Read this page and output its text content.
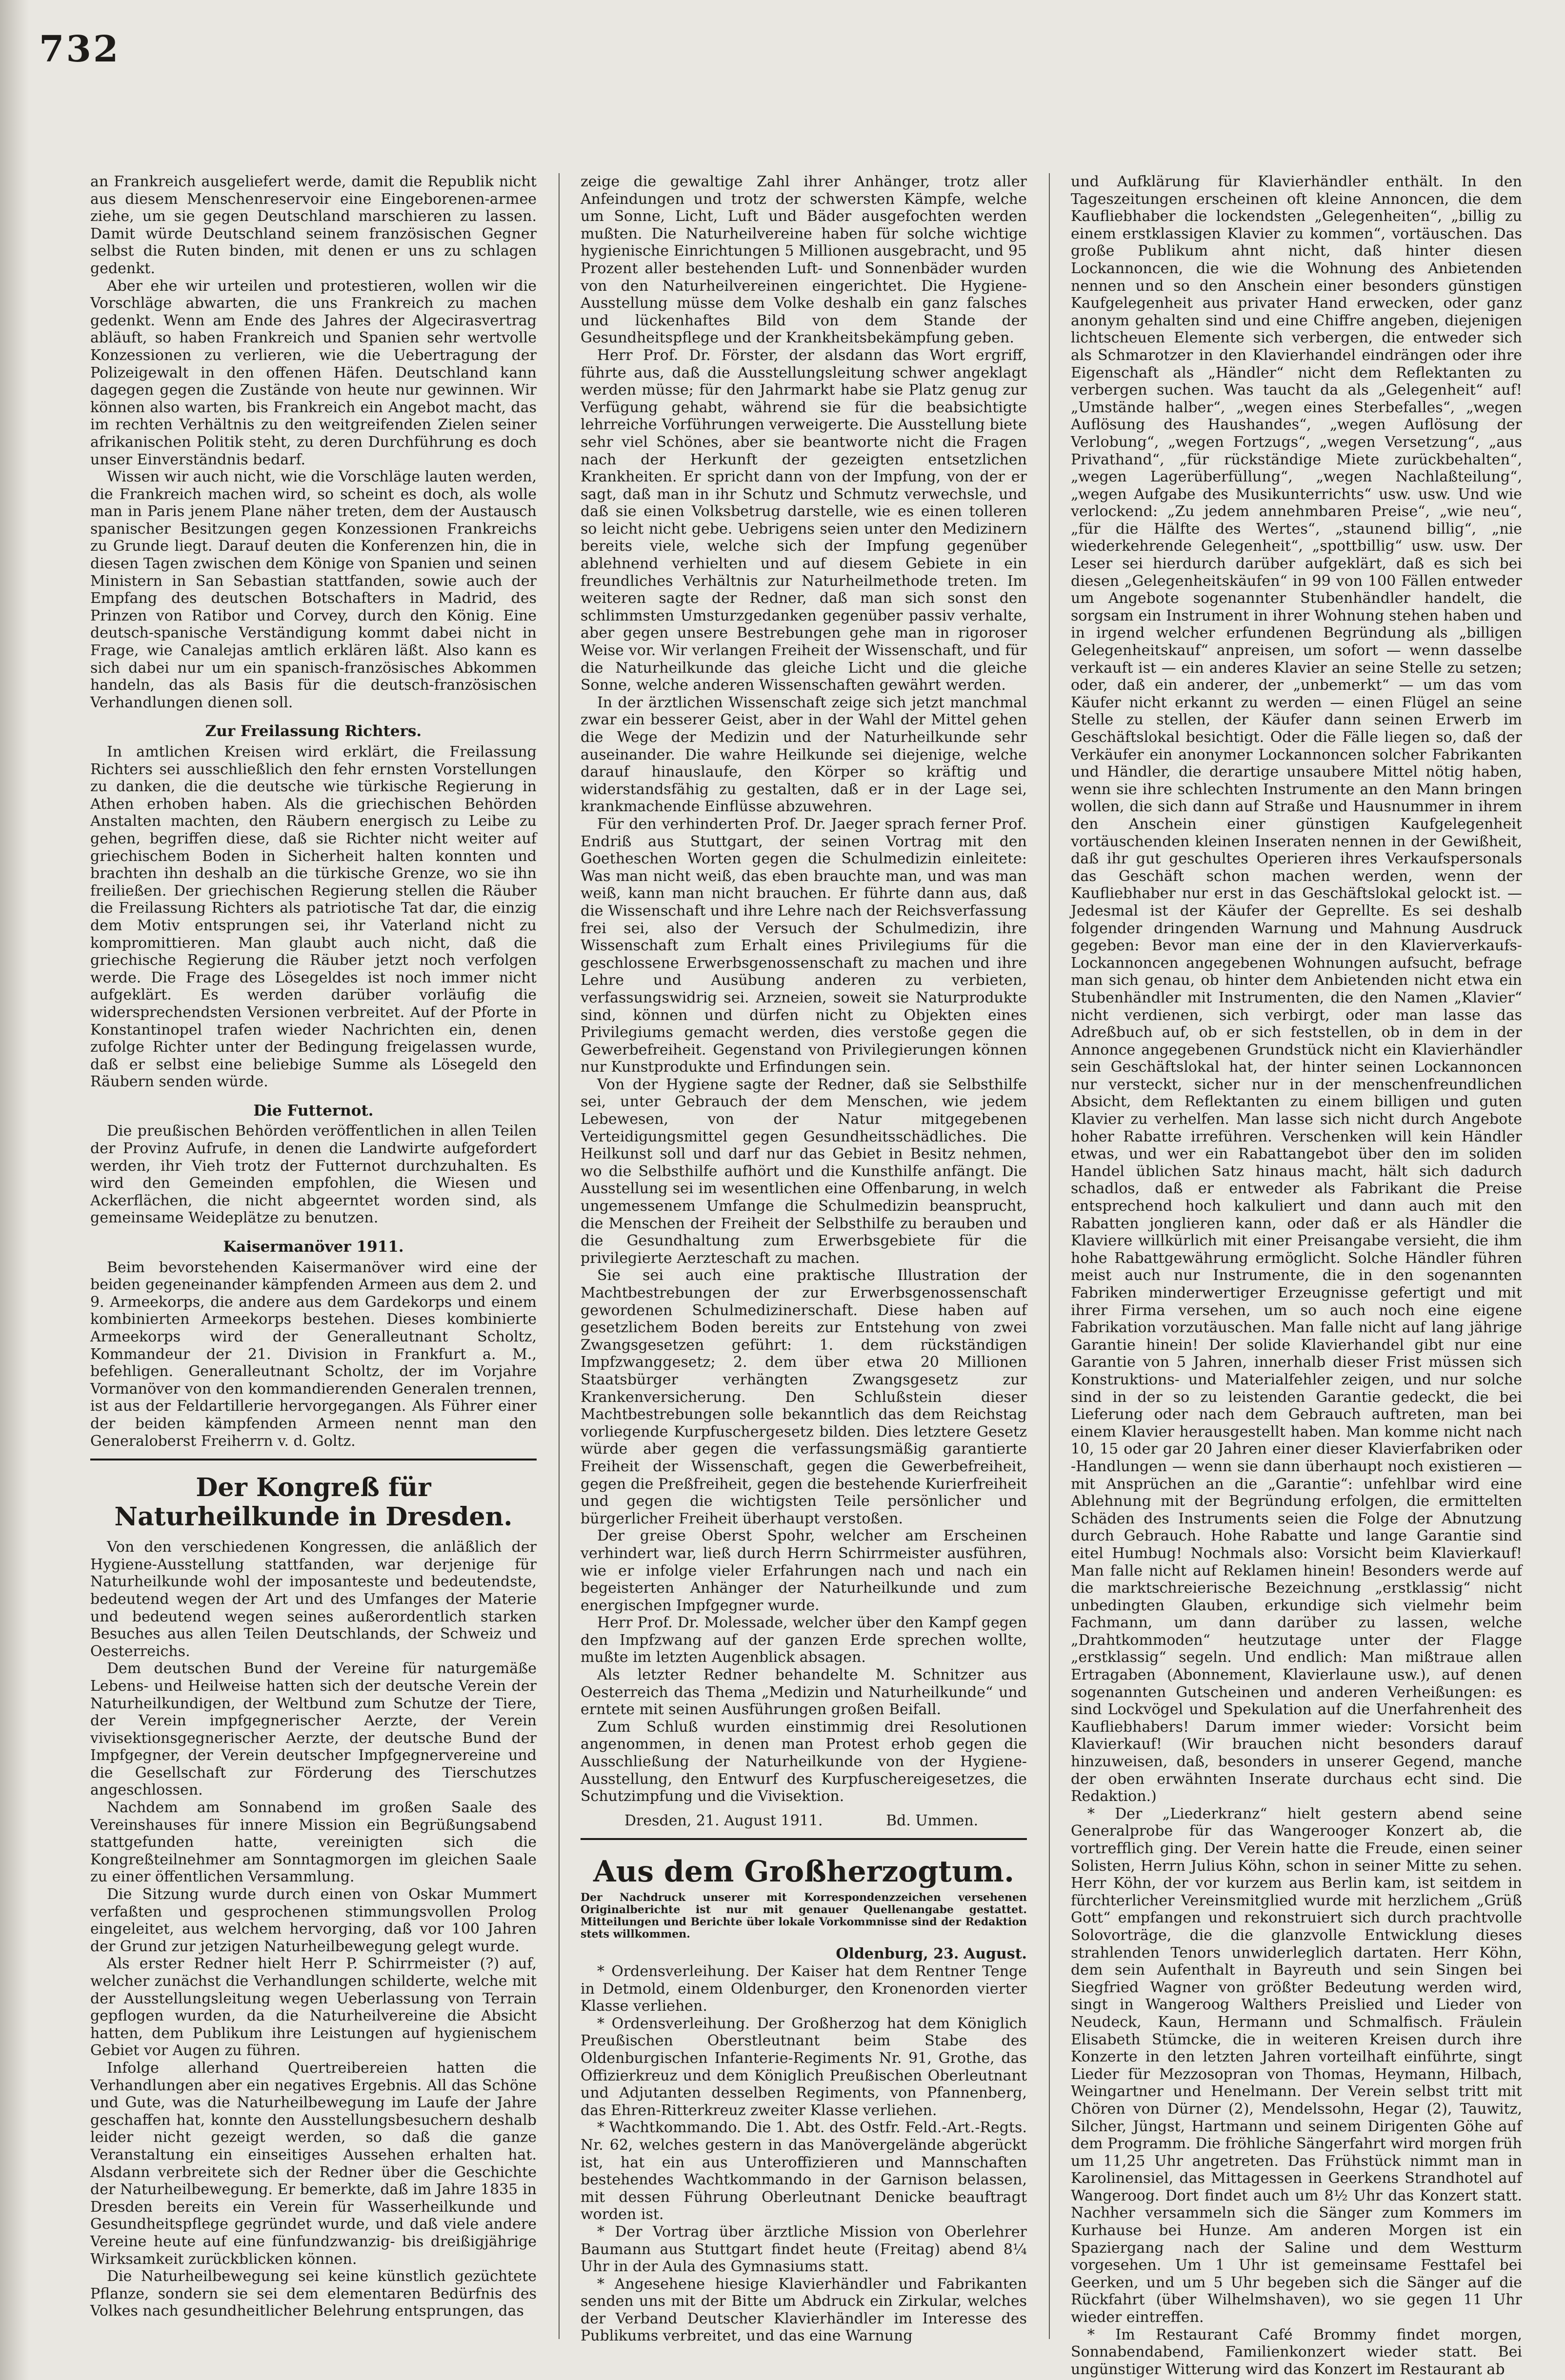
732

an Frankreich ausgeliefert werde, damit die Republik nicht aus diesem Menschenreservoir eine Eingeborenen-armee ziehe, um sie gegen Deutschland marschieren zu lassen. Damit würde Deutschland seinem französischen Gegner selbst die Ruten binden, mit denen er uns zu schlagen gedenkt.

Aber ehe wir urteilen und protestieren, wollen wir die Vorschläge abwarten, die uns Frankreich zu machen gedenkt. Wenn am Ende des Jahres der Algecirasvertrag abläuft, so haben Frankreich und Spanien sehr wertvolle Konzessionen zu verlieren, wie die Uebertragung der Polizeigewalt in den offenen Häfen. Deutschland kann dagegen gegen die Zustände von heute nur gewinnen. Wir können also warten, bis Frankreich ein Angebot macht, das im rechten Verhältnis zu den weitgreifenden Zielen seiner afrikanischen Politik steht, zu deren Durchführung es doch unser Einverständnis bedarf.

Wissen wir auch nicht, wie die Vorschläge lauten werden, die Frankreich machen wird, so scheint es doch, als wolle man in Paris jenem Plane näher treten, dem der Austausch spanischer Besitzungen gegen Konzessionen Frankreichs zu Grunde liegt. Darauf deuten die Konferenzen hin, die in diesen Tagen zwischen dem Könige von Spanien und seinen Ministern in San Sebastian stattfanden, sowie auch der Empfang des deutschen Botschafters in Madrid, des Prinzen von Ratibor und Corvey, durch den König. Eine deutsch-spanische Verständigung kommt dabei nicht in Frage, wie Canalejas amtlich erklären läßt. Also kann es sich dabei nur um ein spanisch-französisches Abkommen handeln, das als Basis für die deutsch-französischen Verhandlungen dienen soll.

Zur Freilassung Richters.

In amtlichen Kreisen wird erklärt, die Freilassung Richters sei ausschließlich den fehr ernsten Vorstellungen zu danken, die die deutsche wie türkische Regierung in Athen erhoben haben. Als die griechischen Behörden Anstalten machten, den Räubern energisch zu Leibe zu gehen, begriffen diese, daß sie Richter nicht weiter auf griechischem Boden in Sicherheit halten konnten und brachten ihn deshalb an die türkische Grenze, wo sie ihn freiließen. Der griechischen Regierung stellen die Räuber die Freilassung Richters als patriotische Tat dar, die einzig dem Motiv entsprungen sei, ihr Vaterland nicht zu kompromittieren. Man glaubt auch nicht, daß die griechische Regierung die Räuber jetzt noch verfolgen werde. Die Frage des Lösegeldes ist noch immer nicht aufgeklärt. Es werden darüber vorläufig die widersprechendsten Versionen verbreitet. Auf der Pforte in Konstantinopel trafen wieder Nachrichten ein, denen zufolge Richter unter der Bedingung freigelassen wurde, daß er selbst eine beliebige Summe als Lösegeld den Räubern senden würde.

Die Futternot.

Die preußischen Behörden veröffentlichen in allen Teilen der Provinz Aufrufe, in denen die Landwirte aufgefordert werden, ihr Vieh trotz der Futternot durchzuhalten. Es wird den Gemeinden empfohlen, die Wiesen und Ackerflächen, die nicht abgeerntet worden sind, als gemeinsame Weideplätze zu benutzen.

Kaisermanöver 1911.

Beim bevorstehenden Kaisermanöver wird eine der beiden gegeneinander kämpfenden Armeen aus dem 2. und 9. Armeekorps, die andere aus dem Gardekorps und einem kombinierten Armeekorps bestehen. Dieses kombinierte Armeekorps wird der Generalleutnant Scholtz, Kommandeur der 21. Division in Frankfurt a. M., befehligen. Generalleutnant Scholtz, der im Vorjahre Vormanöver von den kommandierenden Generalen trennen, ist aus der Feldartillerie hervorgegangen. Als Führer einer der beiden kämpfenden Armeen nennt man den Generaloberst Freiherrn v. d. Goltz.

Der Kongreß für Naturheilkunde in Dresden.

Von den verschiedenen Kongressen, die anläßlich der Hygiene-Ausstellung stattfanden, war derjenige für Naturheilkunde wohl der imposanteste und bedeutendste, bedeutend wegen der Art und des Umfanges der Materie und bedeutend wegen seines außerordentlich starken Besuches aus allen Teilen Deutschlands, der Schweiz und Oesterreichs.

Dem deutschen Bund der Vereine für naturgemäße Lebens- und Heilweise hatten sich der deutsche Verein der Naturheilkundigen, der Weltbund zum Schutze der Tiere, der Verein impfgegnerischer Aerzte, der Verein vivisektionsgegnerischer Aerzte, der deutsche Bund der Impfgegner, der Verein deutscher Impfgegnervereine und die Gesellschaft zur Förderung des Tierschutzes angeschlossen.

Nachdem am Sonnabend im großen Saale des Vereinshauses für innere Mission ein Begrüßungsabend stattgefunden hatte, vereinigten sich die Kongreßteilnehmer am Sonntagmorgen im gleichen Saale zu einer öffentlichen Versammlung.

Die Sitzung wurde durch einen von Oskar Mummert verfaßten und gesprochenen stimmungsvollen Prolog eingeleitet, aus welchem hervorging, daß vor 100 Jahren der Grund zur jetzigen Naturheilbewegung gelegt wurde.

Als erster Redner hielt Herr P. Schirrmeister (?) auf, welcher zunächst die Verhandlungen schilderte, welche mit der Ausstellungsleitung wegen Ueberlassung von Terrain gepflogen wurden, da die Naturheilvereine die Absicht hatten, dem Publikum ihre Leistungen auf hygienischem Gebiet vor Augen zu führen.

Infolge allerhand Quertreibereien hatten die Verhandlungen aber ein negatives Ergebnis. All das Schöne und Gute, was die Naturheilbewegung im Laufe der Jahre geschaffen hat, konnte den Ausstellungsbesuchern deshalb leider nicht gezeigt werden, so daß die ganze Veranstaltung ein einseitiges Aussehen erhalten hat. Alsdann verbreitete sich der Redner über die Geschichte der Naturheilbewegung. Er bemerkte, daß im Jahre 1835 in Dresden bereits ein Verein für Wasserheilkunde und Gesundheitspflege gegründet wurde, und daß viele andere Vereine heute auf eine fünfundzwanzig- bis dreißigjährige Wirksamkeit zurückblicken können.

Die Naturheilbewegung sei keine künstlich gezüchtete Pflanze, sondern sie sei dem elementaren Bedürfnis des Volkes nach gesundheitlicher Belehrung entsprungen, das

zeige die gewaltige Zahl ihrer Anhänger, trotz aller Anfeindungen und trotz der schwersten Kämpfe, welche um Sonne, Licht, Luft und Bäder ausgefochten werden mußten. Die Naturheilvereine haben für solche wichtige hygienische Einrichtungen 5 Millionen ausgebracht, und 95 Prozent aller bestehenden Luft- und Sonnenbäder wurden von den Naturheilvereinen eingerichtet. Die Hygiene-Ausstellung müsse dem Volke deshalb ein ganz falsches und lückenhaftes Bild von dem Stande der Gesundheitspflege und der Krankheitsbekämpfung geben.

Herr Prof. Dr. Förster, der alsdann das Wort ergriff, führte aus, daß die Ausstellungsleitung schwer angeklagt werden müsse; für den Jahrmarkt habe sie Platz genug zur Verfügung gehabt, während sie für die beabsichtigte lehrreiche Vorführungen verweigerte. Die Ausstellung biete sehr viel Schönes, aber sie beantworte nicht die Fragen nach der Herkunft der gezeigten entsetzlichen Krankheiten. Er spricht dann von der Impfung, von der er sagt, daß man in ihr Schutz und Schmutz verwechsle, und daß sie einen Volksbetrug darstelle, wie es einen tolleren so leicht nicht gebe. Uebrigens seien unter den Medizinern bereits viele, welche sich der Impfung gegenüber ablehnend verhielten und auf diesem Gebiete in ein freundliches Verhältnis zur Naturheilmethode treten. Im weiteren sagte der Redner, daß man sich sonst den schlimmsten Umsturzgedanken gegenüber passiv verhalte, aber gegen unsere Bestrebungen gehe man in rigoroser Weise vor. Wir verlangen Freiheit der Wissenschaft, und für die Naturheilkunde das gleiche Licht und die gleiche Sonne, welche anderen Wissenschaften gewährt werden.

In der ärztlichen Wissenschaft zeige sich jetzt manchmal zwar ein besserer Geist, aber in der Wahl der Mittel gehen die Wege der Medizin und der Naturheilkunde sehr auseinander. Die wahre Heilkunde sei diejenige, welche darauf hinauslaufe, den Körper so kräftig und widerstandsfähig zu gestalten, daß er in der Lage sei, krankmachende Einflüsse abzuwehren.

Für den verhinderten Prof. Dr. Jaeger sprach ferner Prof. Endriß aus Stuttgart, der seinen Vortrag mit den Goetheschen Worten gegen die Schulmedizin einleitete: Was man nicht weiß, das eben brauchte man, und was man weiß, kann man nicht brauchen. Er führte dann aus, daß die Wissenschaft und ihre Lehre nach der Reichsverfassung frei sei, also der Versuch der Schulmedizin, ihre Wissenschaft zum Erhalt eines Privilegiums für die geschlossene Erwerbsgenossenschaft zu machen und ihre Lehre und Ausübung anderen zu verbieten, verfassungswidrig sei. Arzneien, soweit sie Naturprodukte sind, können und dürfen nicht zu Objekten eines Privilegiums gemacht werden, dies verstoße gegen die Gewerbefreiheit. Gegenstand von Privilegierungen können nur Kunstprodukte und Erfindungen sein.

Von der Hygiene sagte der Redner, daß sie Selbsthilfe sei, unter Gebrauch der dem Menschen, wie jedem Lebewesen, von der Natur mitgegebenen Verteidigungsmittel gegen Gesundheitsschädliches. Die Heilkunst soll und darf nur das Gebiet in Besitz nehmen, wo die Selbsthilfe aufhört und die Kunsthilfe anfängt. Die Ausstellung sei im wesentlichen eine Offenbarung, in welch ungemessenem Umfange die Schulmedizin beansprucht, die Menschen der Freiheit der Selbsthilfe zu berauben und die Gesundhaltung zum Erwerbsgebiete für die privilegierte Aerzteschaft zu machen.

Sie sei auch eine praktische Illustration der Machtbestrebungen der zur Erwerbsgenossenschaft gewordenen Schulmedizinerschaft. Diese haben auf gesetzlichem Boden bereits zur Entstehung von zwei Zwangsgesetzen geführt: 1. dem rückständigen Impfzwanggesetz; 2. dem über etwa 20 Millionen Staatsbürger verhängten Zwangsgesetz zur Krankenversicherung. Den Schlußstein dieser Machtbestrebungen solle bekanntlich das dem Reichstag vorliegende Kurpfuschergesetz bilden. Dies letztere Gesetz würde aber gegen die verfassungsmäßig garantierte Freiheit der Wissenschaft, gegen die Gewerbefreiheit, gegen die Preßfreiheit, gegen die bestehende Kurierfreiheit und gegen die wichtigsten Teile persönlicher und bürgerlicher Freiheit überhaupt verstoßen.

Der greise Oberst Spohr, welcher am Erscheinen verhindert war, ließ durch Herrn Schirrmeister ausführen, wie er infolge vieler Erfahrungen nach und nach ein begeisterten Anhänger der Naturheilkunde und zum energischen Impfgegner wurde.

Herr Prof. Dr. Molessade, welcher über den Kampf gegen den Impfzwang auf der ganzen Erde sprechen wollte, mußte im letzten Augenblick absagen.

Als letzter Redner behandelte M. Schnitzer aus Oesterreich das Thema „Medizin und Naturheilkunde“ und erntete mit seinen Ausführungen großen Beifall.

Zum Schluß wurden einstimmig drei Resolutionen angenommen, in denen man Protest erhob gegen die Ausschließung der Naturheilkunde von der Hygiene-Ausstellung, den Entwurf des Kurpfuschereigesetzes, die Schutzimpfung und die Vivisektion.

Dresden, 21. August 1911.	Bd. Ummen.
Aus dem Großherzogtum.

Der Nachdruck unserer mit Korrespondenzzeichen versehenen Originalberichte ist nur mit genauer Quellenangabe gestattet. Mitteilungen und Berichte über lokale Vorkommnisse sind der Redaktion stets willkommen.

Oldenburg, 23. August.

* Ordensverleihung. Der Kaiser hat dem Rentner Tenge in Detmold, einem Oldenburger, den Kronenorden vierter Klasse verliehen.

* Ordensverleihung. Der Großherzog hat dem Königlich Preußischen Oberstleutnant beim Stabe des Oldenburgischen Infanterie-Regiments Nr. 91, Grothe, das Offizierkreuz und dem Königlich Preußischen Oberleutnant und Adjutanten desselben Regiments, von Pfannenberg, das Ehren-Ritterkreuz zweiter Klasse verliehen.

* Wachtkommando. Die 1. Abt. des Ostfr. Feld.-Art.-Regts. Nr. 62, welches gestern in das Manövergelände abgerückt ist, hat ein aus Unteroffizieren und Mannschaften bestehendes Wachtkommando in der Garnison belassen, mit dessen Führung Oberleutnant Denicke beauftragt worden ist.

* Der Vortrag über ärztliche Mission von Oberlehrer Baumann aus Stuttgart findet heute (Freitag) abend 8¼ Uhr in der Aula des Gymnasiums statt.

* Angesehene hiesige Klavierhändler und Fabrikanten senden uns mit der Bitte um Abdruck ein Zirkular, welches der Verband Deutscher Klavierhändler im Interesse des Publikums verbreitet, und das eine Warnung

und Aufklärung für Klavierhändler enthält. In den Tageszeitungen erscheinen oft kleine Annoncen, die dem Kaufliebhaber die lockendsten „Gelegenheiten“, „billig zu einem erstklassigen Klavier zu kommen“, vortäuschen. Das große Publikum ahnt nicht, daß hinter diesen Lockannoncen, die wie die Wohnung des Anbietenden nennen und so den Anschein einer besonders günstigen Kaufgelegenheit aus privater Hand erwecken, oder ganz anonym gehalten sind und eine Chiffre angeben, diejenigen lichtscheuen Elemente sich verbergen, die entweder sich als Schmarotzer in den Klavierhandel eindrängen oder ihre Eigenschaft als „Händler“ nicht dem Reflektanten zu verbergen suchen. Was taucht da als „Gelegenheit“ auf! „Umstände halber“, „wegen eines Sterbefalles“, „wegen Auflösung des Haushandes“, „wegen Auflösung der Verlobung“, „wegen Fortzugs“, „wegen Versetzung“, „aus Privathand“, „für rückständige Miete zurückbehalten“, „wegen Lagerüberfüllung“, „wegen Nachlaßteilung“, „wegen Aufgabe des Musikunterrichts“ usw. usw. Und wie verlockend: „Zu jedem annehmbaren Preise“, „wie neu“, „für die Hälfte des Wertes“, „staunend billig“, „nie wiederkehrende Gelegenheit“, „spottbillig“ usw. usw. Der Leser sei hierdurch darüber aufgeklärt, daß es sich bei diesen „Gelegenheitskäufen“ in 99 von 100 Fällen entweder um Angebote sogenannter Stubenhändler handelt, die sorgsam ein Instrument in ihrer Wohnung stehen haben und in irgend welcher erfundenen Begründung als „billigen Gelegenheitskauf“ anpreisen, um sofort — wenn dasselbe verkauft ist — ein anderes Klavier an seine Stelle zu setzen; oder, daß ein anderer, der „unbemerkt“ — um das vom Käufer nicht erkannt zu werden — einen Flügel an seine Stelle zu stellen, der Käufer dann seinen Erwerb im Geschäftslokal besichtigt. Oder die Fälle liegen so, daß der Verkäufer ein anonymer Lockannoncen solcher Fabrikanten und Händler, die derartige unsaubere Mittel nötig haben, wenn sie ihre schlechten Instrumente an den Mann bringen wollen, die sich dann auf Straße und Hausnummer in ihrem den Anschein einer günstigen Kaufgelegenheit vortäuschenden kleinen Inseraten nennen in der Gewißheit, daß ihr gut geschultes Operieren ihres Verkaufspersonals das Geschäft schon machen werden, wenn der Kaufliebhaber nur erst in das Geschäftslokal gelockt ist. — Jedesmal ist der Käufer der Geprellte. Es sei deshalb folgender dringenden Warnung und Mahnung Ausdruck gegeben: Bevor man eine der in den Klavierverkaufs-Lockannoncen angegebenen Wohnungen aufsucht, befrage man sich genau, ob hinter dem Anbietenden nicht etwa ein Stubenhändler mit Instrumenten, die den Namen „Klavier“ nicht verdienen, sich verbirgt, oder man lasse das Adreßbuch auf, ob er sich feststellen, ob in dem in der Annonce angegebenen Grundstück nicht ein Klavierhändler sein Geschäftslokal hat, der hinter seinen Lockannoncen nur versteckt, sicher nur in der menschenfreundlichen Absicht, dem Reflektanten zu einem billigen und guten Klavier zu verhelfen. Man lasse sich nicht durch Angebote hoher Rabatte irreführen. Verschenken will kein Händler etwas, und wer ein Rabattangebot über den im soliden Handel üblichen Satz hinaus macht, hält sich dadurch schadlos, daß er entweder als Fabrikant die Preise entsprechend hoch kalkuliert und dann auch mit den Rabatten jonglieren kann, oder daß er als Händler die Klaviere willkürlich mit einer Preisangabe versieht, die ihm hohe Rabattgewährung ermöglicht. Solche Händler führen meist auch nur Instrumente, die in den sogenannten Fabriken minderwertiger Erzeugnisse gefertigt und mit ihrer Firma versehen, um so auch noch eine eigene Fabrikation vorzutäuschen. Man falle nicht auf lang jährige Garantie hinein! Der solide Klavierhandel gibt nur eine Garantie von 5 Jahren, innerhalb dieser Frist müssen sich Konstruktions- und Materialfehler zeigen, und nur solche sind in der so zu leistenden Garantie gedeckt, die bei Lieferung oder nach dem Gebrauch auftreten, man bei einem Klavier herausgestellt haben. Man komme nicht nach 10, 15 oder gar 20 Jahren einer dieser Klavierfabriken oder -Handlungen — wenn sie dann überhaupt noch existieren — mit Ansprüchen an die „Garantie“: unfehlbar wird eine Ablehnung mit der Begründung erfolgen, die ermittelten Schäden des Instruments seien die Folge der Abnutzung durch Gebrauch. Hohe Rabatte und lange Garantie sind eitel Humbug! Nochmals also: Vorsicht beim Klavierkauf! Man falle nicht auf Reklamen hinein! Besonders werde auf die marktschreierische Bezeichnung „erstklassig“ nicht unbedingten Glauben, erkundige sich vielmehr beim Fachmann, um dann darüber zu lassen, welche „Drahtkommoden“ heutzutage unter der Flagge „erstklassig“ segeln. Und endlich: Man mißtraue allen Ertragaben (Abonnement, Klavierlaune usw.), auf denen sogenannten Gutscheinen und anderen Verheißungen: es sind Lockvögel und Spekulation auf die Unerfahrenheit des Kaufliebhabers! Darum immer wieder: Vorsicht beim Klavierkauf! (Wir brauchen nicht besonders darauf hinzuweisen, daß, besonders in unserer Gegend, manche der oben erwähnten Inserate durchaus echt sind. Die Redaktion.)

* Der „Liederkranz“ hielt gestern abend seine Generalprobe für das Wangerooger Konzert ab, die vortrefflich ging. Der Verein hatte die Freude, einen seiner Solisten, Herrn Julius Köhn, schon in seiner Mitte zu sehen. Herr Köhn, der vor kurzem aus Berlin kam, ist seitdem in fürchterlicher Vereinsmitglied wurde mit herzlichem „Grüß Gott“ empfangen und rekonstruiert sich durch prachtvolle Solovorträge, die die glanzvolle Entwicklung dieses strahlenden Tenors unwiderleglich dartaten. Herr Köhn, dem sein Aufenthalt in Bayreuth und sein Singen bei Siegfried Wagner von größter Bedeutung werden wird, singt in Wangeroog Walthers Preislied und Lieder von Neudeck, Kaun, Hermann und Schmalfisch. Fräulein Elisabeth Stümcke, die in weiteren Kreisen durch ihre Konzerte in den letzten Jahren vorteilhaft einführte, singt Lieder für Mezzosopran von Thomas, Heymann, Hilbach, Weingartner und Henelmann. Der Verein selbst tritt mit Chören von Dürner (2), Mendelssohn, Hegar (2), Tauwitz, Silcher, Jüngst, Hartmann und seinem Dirigenten Göhe auf dem Programm. Die fröhliche Sängerfahrt wird morgen früh um 11,25 Uhr angetreten. Das Frühstück nimmt man in Karolinensiel, das Mittagessen in Geerkens Strandhotel auf Wangeroog. Dort findet auch um 8½ Uhr das Konzert statt. Nachher versammeln sich die Sänger zum Kommers im Kurhause bei Hunze. Am anderen Morgen ist ein Spaziergang nach der Saline und dem Westturm vorgesehen. Um 1 Uhr ist gemeinsame Festtafel bei Geerken, und um 5 Uhr begeben sich die Sänger auf die Rückfahrt (über Wilhelmshaven), wo sie gegen 11 Uhr wieder eintreffen.

* Im Restaurant Café Brommy findet morgen, Sonnabendabend, Familienkonzert wieder statt. Bei ungünstiger Witterung wird das Konzert im Restaurant ab
